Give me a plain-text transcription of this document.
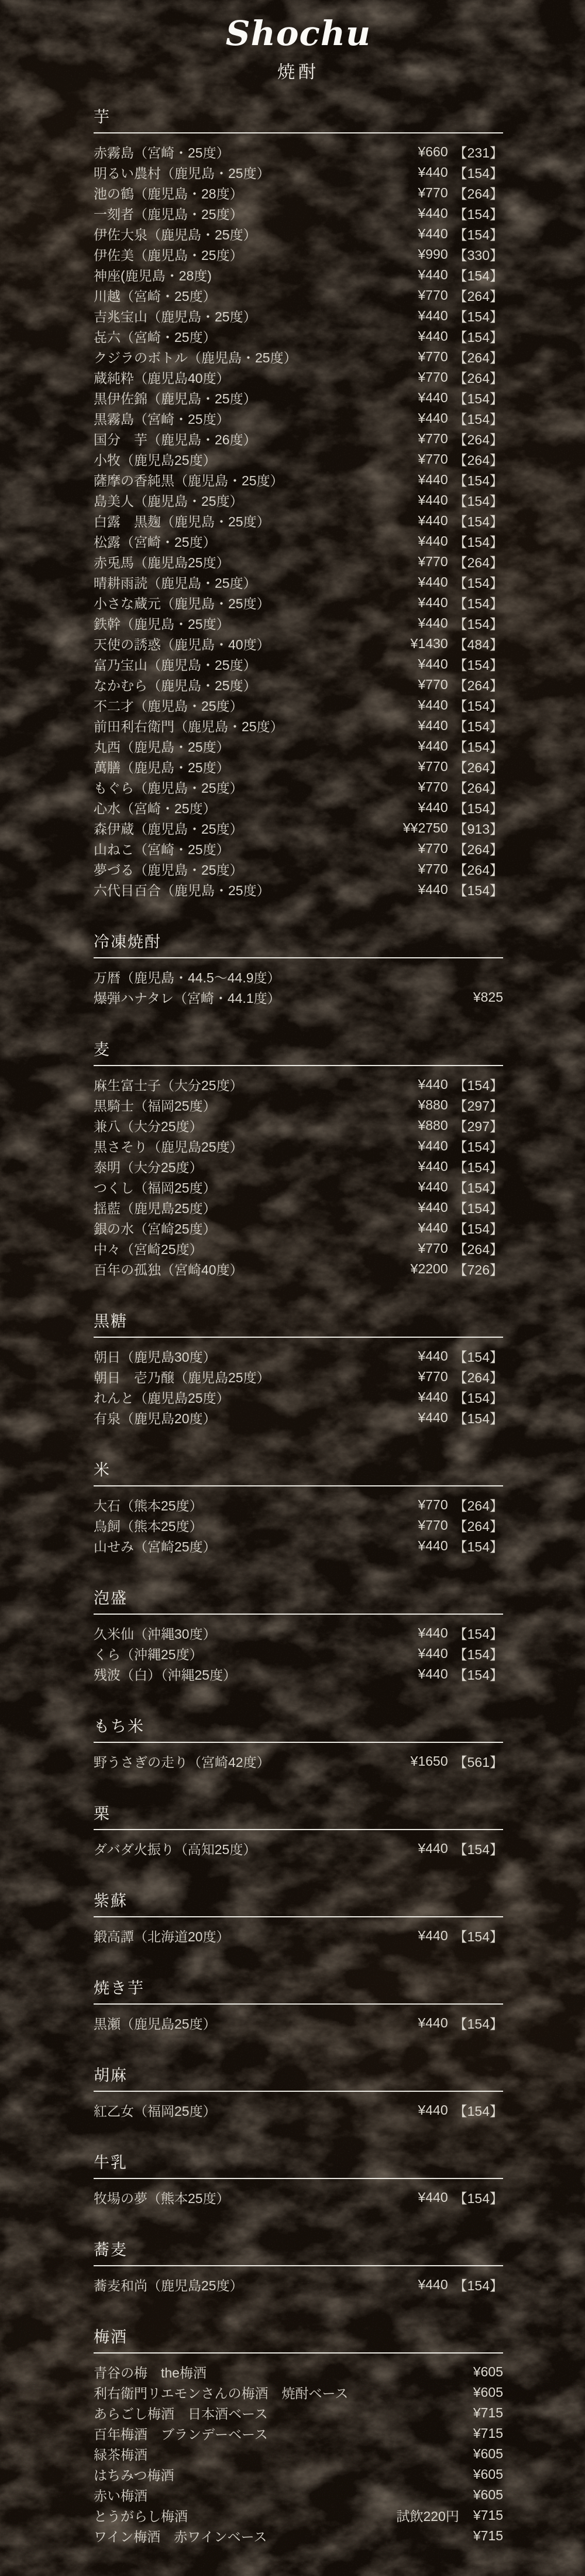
Shochu
焼酎
芋
赤霧島（宮崎・25度）	¥660 【231】
明るい農村（鹿児島・25度）	¥440 【154】
池の鶴（鹿児島・28度）	¥770 【264】
一刻者（鹿児島・25度）	¥440 【154】
伊佐大泉（鹿児島・25度）	¥440 【154】
伊佐美（鹿児島・25度）	¥990 【330】
神座(鹿児島・28度)	¥440 【154】
川越（宮崎・25度）	¥770 【264】
吉兆宝山（鹿児島・25度）	¥440 【154】
㐂六（宮崎・25度）	¥440 【154】
クジラのボトル（鹿児島・25度）	¥770 【264】
蔵純粋（鹿児島40度）	¥770 【264】
黒伊佐錦（鹿児島・25度）	¥440 【154】
黒霧島（宮崎・25度）	¥440 【154】
国分　芋（鹿児島・26度）	¥770 【264】
小牧（鹿児島25度）	¥770 【264】
薩摩の香純黒（鹿児島・25度）	¥440 【154】
島美人（鹿児島・25度）	¥440 【154】
白露　黒麹（鹿児島・25度）	¥440 【154】
松露（宮崎・25度）	¥440 【154】
赤兎馬（鹿児島25度）	¥770 【264】
晴耕雨読（鹿児島・25度）	¥440 【154】
小さな蔵元（鹿児島・25度）	¥440 【154】
鉄幹（鹿児島・25度）	¥440 【154】
天使の誘惑（鹿児島・40度）	¥1430 【484】
富乃宝山（鹿児島・25度）	¥440 【154】
なかむら（鹿児島・25度）	¥770 【264】
不二才（鹿児島・25度）	¥440 【154】
前田利右衛門（鹿児島・25度）	¥440 【154】
丸西（鹿児島・25度）	¥440 【154】
萬膳（鹿児島・25度）	¥770 【264】
もぐら（鹿児島・25度）	¥770 【264】
心水（宮崎・25度）	¥440 【154】
森伊蔵（鹿児島・25度）	¥¥2750 【913】
山ねこ（宮崎・25度）	¥770 【264】
夢づる（鹿児島・25度）	¥770 【264】
六代目百合（鹿児島・25度）	¥440 【154】
冷凍焼酎
万暦（鹿児島・44.5～44.9度）
爆弾ハナタレ（宮崎・44.1度）	¥825
麦
麻生富士子（大分25度）	¥440 【154】
黒騎士（福岡25度）	¥880 【297】
兼八（大分25度）	¥880 【297】
黒さそり（鹿児島25度）	¥440 【154】
泰明（大分25度）	¥440 【154】
つくし（福岡25度）	¥440 【154】
揺藍（鹿児島25度）	¥440 【154】
銀の水（宮崎25度）	¥440 【154】
中々（宮崎25度）	¥770 【264】
百年の孤独（宮崎40度）	¥2200 【726】
黒糖
朝日（鹿児島30度）	¥440 【154】
朝日　壱乃醸（鹿児島25度）	¥770 【264】
れんと（鹿児島25度）	¥440 【154】
有泉（鹿児島20度）	¥440 【154】
米
大石（熊本25度）	¥770 【264】
鳥飼（熊本25度）	¥770 【264】
山せみ（宮崎25度）	¥440 【154】
泡盛
久米仙（沖縄30度）	¥440 【154】
くら（沖縄25度）	¥440 【154】
残波（白）（沖縄25度）	¥440 【154】
もち米
野うさぎの走り（宮崎42度）	¥1650 【561】
栗
ダバダ火振り（高知25度）	¥440 【154】
紫蘇
鍛高譚（北海道20度）	¥440 【154】
焼き芋
黒瀬（鹿児島25度）	¥440 【154】
胡麻
紅乙女（福岡25度）	¥440 【154】
牛乳
牧場の夢（熊本25度）	¥440 【154】
蕎麦
蕎麦和尚（鹿児島25度）	¥440 【154】
梅酒
青谷の梅　the梅酒	¥605
利右衛門リエモンさんの梅酒　焼酎ベース	¥605
あらごし梅酒　日本酒ベース	¥715
百年梅酒　ブランデーベース	¥715
緑茶梅酒	¥605
はちみつ梅酒	¥605
赤い梅酒	¥605
とうがらし梅酒	試飲220円 ¥715
ワイン梅酒　赤ワインベース	¥715
